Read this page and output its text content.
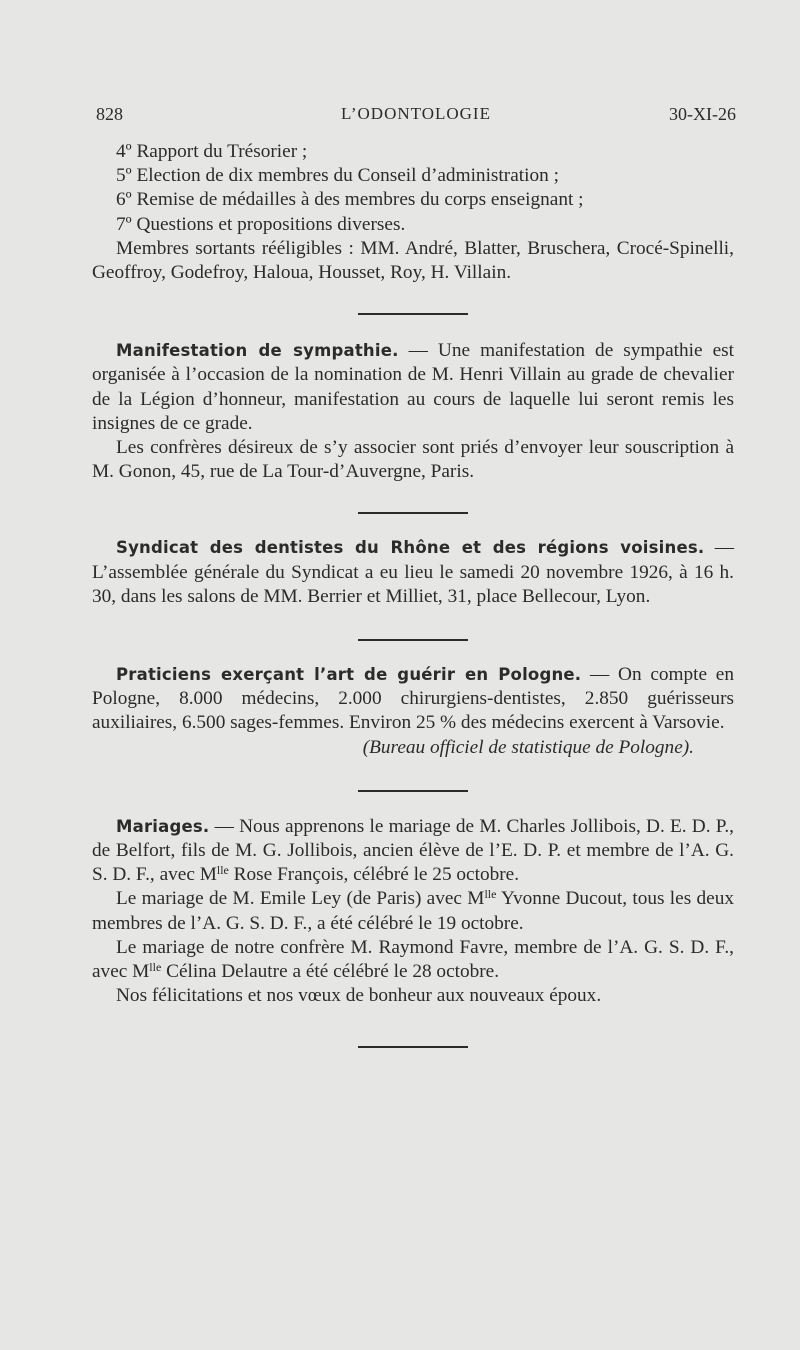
828	L’ODONTOLOGIE	30-XI-26

4º Rapport du Trésorier ;

5º Election de dix membres du Conseil d’administration ;

6º Remise de médailles à des membres du corps enseignant ;

7º Questions et propositions diverses.

Membres sortants rééligibles : MM. André, Blatter, Bruschera, Crocé-Spinelli, Geoffroy, Godefroy, Haloua, Housset, Roy, H. Villain.

Manifestation de sympathie. — Une manifestation de sympathie est organisée à l’occasion de la nomination de M. Henri Villain au grade de chevalier de la Légion d’honneur, manifestation au cours de laquelle lui seront remis les insignes de ce grade.

Les confrères désireux de s’y associer sont priés d’envoyer leur souscription à M. Gonon, 45, rue de La Tour-d’Auvergne, Paris.

Syndicat des dentistes du Rhône et des régions voisines. — L’assemblée générale du Syndicat a eu lieu le samedi 20 novembre 1926, à 16 h. 30, dans les salons de MM. Berrier et Milliet, 31, place Bellecour, Lyon.

Praticiens exerçant l’art de guérir en Pologne. — On compte en Pologne, 8.000 médecins, 2.000 chirurgiens-dentistes, 2.850 guérisseurs auxiliaires, 6.500 sages-femmes. Environ 25 % des médecins exercent à Varsovie.

(Bureau officiel de statistique de Pologne).

Mariages. — Nous apprenons le mariage de M. Charles Jollibois, D. E. D. P., de Belfort, fils de M. G. Jollibois, ancien élève de l’E. D. P. et membre de l’A. G. S. D. F., avec $M^{lle}$ Rose François, célébré le 25 octobre.

Le mariage de M. Emile Ley (de Paris) avec $M^{lle}$ Yvonne Ducout, tous les deux membres de l’A. G. S. D. F., a été célébré le 19 octobre.

Le mariage de notre confrère M. Raymond Favre, membre de l’A. G. S. D. F., avec $M^{lle}$ Célina Delautre a été célébré le 28 octobre.

Nos félicitations et nos vœux de bonheur aux nouveaux époux.
